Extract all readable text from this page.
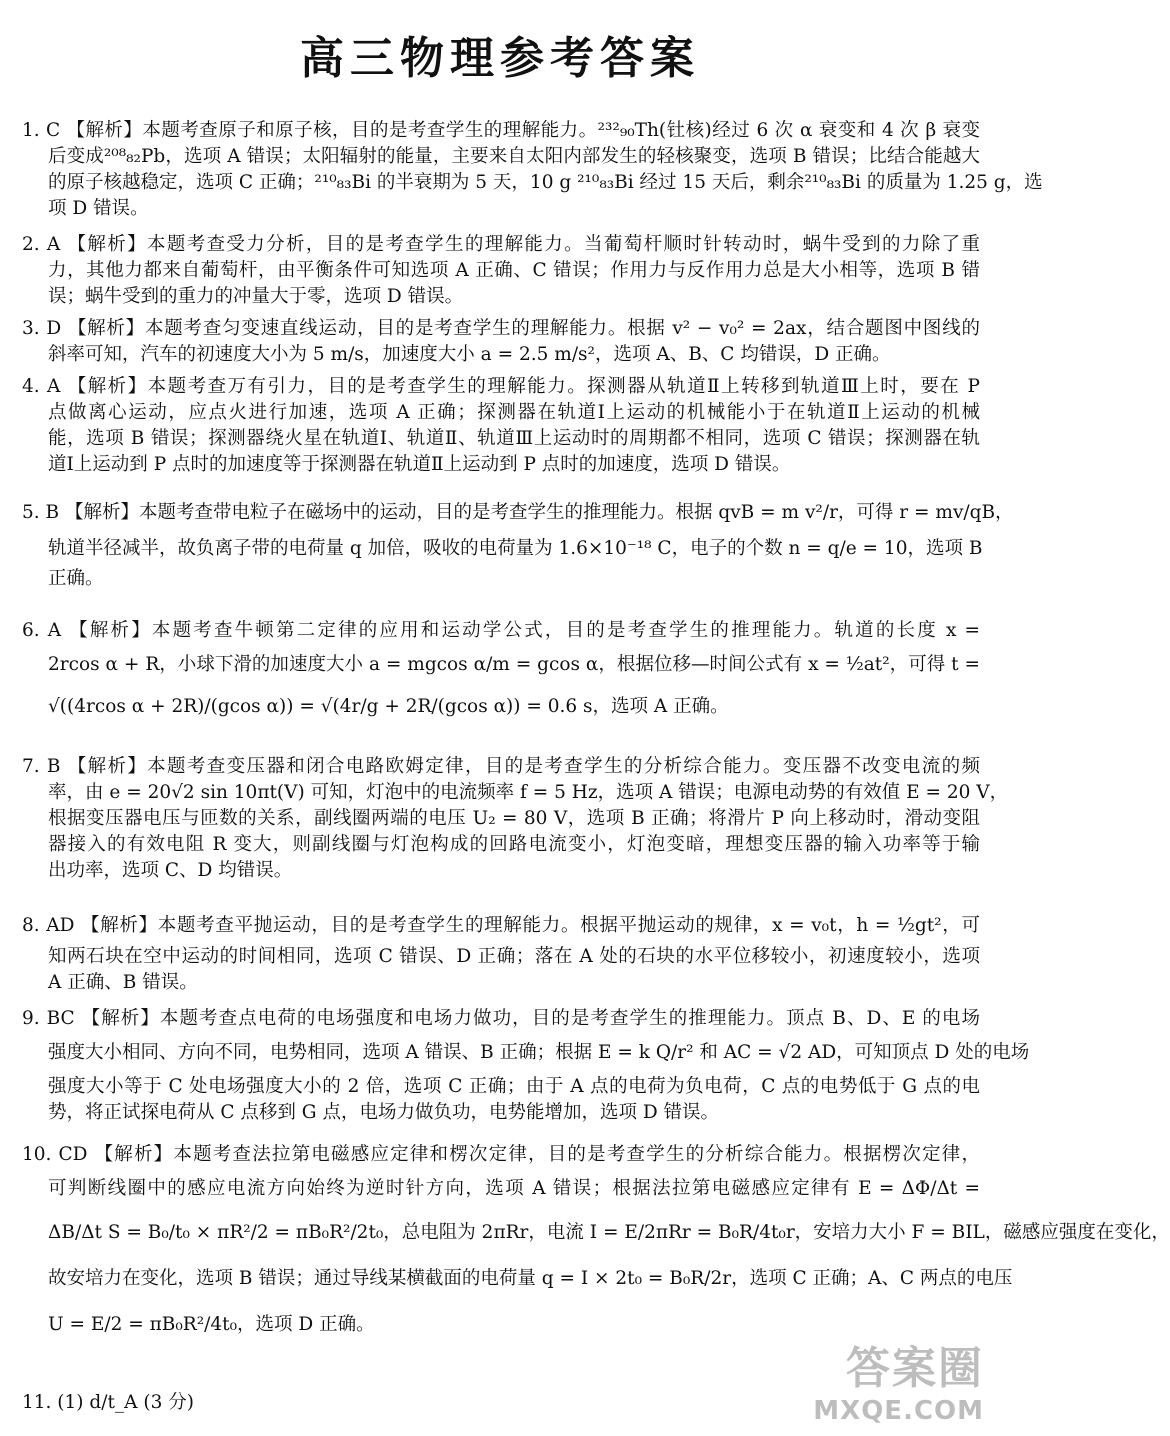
高三物理参考答案
1. C 【解析】本题考查原子和原子核，目的是考查学生的理解能力。²³²₉₀Th(钍核)经过 6 次 α 衰变和 4 次 β 衰变
后变成²⁰⁸₈₂Pb，选项 A 错误；太阳辐射的能量，主要来自太阳内部发生的轻核聚变，选项 B 错误；比结合能越大
的原子核越稳定，选项 C 正确；²¹⁰₈₃Bi 的半衰期为 5 天，10 g ²¹⁰₈₃Bi 经过 15 天后，剩余²¹⁰₈₃Bi 的质量为 1.25 g，选
项 D 错误。
2. A 【解析】本题考查受力分析，目的是考查学生的理解能力。当葡萄杆顺时针转动时，蜗牛受到的力除了重
力，其他力都来自葡萄杆，由平衡条件可知选项 A 正确、C 错误；作用力与反作用力总是大小相等，选项 B 错
误；蜗牛受到的重力的冲量大于零，选项 D 错误。
3. D 【解析】本题考查匀变速直线运动，目的是考查学生的理解能力。根据 v² − v₀² = 2ax，结合题图中图线的
斜率可知，汽车的初速度大小为 5 m/s，加速度大小 a = 2.5 m/s²，选项 A、B、C 均错误，D 正确。
4. A 【解析】本题考查万有引力，目的是考查学生的理解能力。探测器从轨道Ⅱ上转移到轨道Ⅲ上时，要在 P
点做离心运动，应点火进行加速，选项 A 正确；探测器在轨道Ⅰ上运动的机械能小于在轨道Ⅱ上运动的机械
能，选项 B 错误；探测器绕火星在轨道Ⅰ、轨道Ⅱ、轨道Ⅲ上运动时的周期都不相同，选项 C 错误；探测器在轨
道Ⅰ上运动到 P 点时的加速度等于探测器在轨道Ⅱ上运动到 P 点时的加速度，选项 D 错误。
5. B 【解析】本题考查带电粒子在磁场中的运动，目的是考查学生的推理能力。根据 qvB = m v²/r，可得 r = mv/qB，
轨道半径减半，故负离子带的电荷量 q 加倍，吸收的电荷量为 1.6×10⁻¹⁸ C，电子的个数 n = q/e = 10，选项 B
正确。
6. A 【解析】本题考查牛顿第二定律的应用和运动学公式，目的是考查学生的推理能力。轨道的长度 x =
2rcos α + R，小球下滑的加速度大小 a = mgcos α/m = gcos α，根据位移—时间公式有 x = ½at²，可得 t =
√((4rcos α + 2R)/(gcos α)) = √(4r/g + 2R/(gcos α)) = 0.6 s，选项 A 正确。
7. B 【解析】本题考查变压器和闭合电路欧姆定律，目的是考查学生的分析综合能力。变压器不改变电流的频
率，由 e = 20√2 sin 10πt(V) 可知，灯泡中的电流频率 f = 5 Hz，选项 A 错误；电源电动势的有效值 E = 20 V，
根据变压器电压与匝数的关系，副线圈两端的电压 U₂ = 80 V，选项 B 正确；将滑片 P 向上移动时，滑动变阻
器接入的有效电阻 R 变大，则副线圈与灯泡构成的回路电流变小，灯泡变暗，理想变压器的输入功率等于输
出功率，选项 C、D 均错误。
8. AD 【解析】本题考查平抛运动，目的是考查学生的理解能力。根据平抛运动的规律，x = v₀t，h = ½gt²，可
知两石块在空中运动的时间相同，选项 C 错误、D 正确；落在 A 处的石块的水平位移较小，初速度较小，选项
A 正确、B 错误。
9. BC 【解析】本题考查点电荷的电场强度和电场力做功，目的是考查学生的推理能力。顶点 B、D、E 的电场
强度大小相同、方向不同，电势相同，选项 A 错误、B 正确；根据 E = k Q/r² 和 AC = √2 AD，可知顶点 D 处的电场
强度大小等于 C 处电场强度大小的 2 倍，选项 C 正确；由于 A 点的电荷为负电荷，C 点的电势低于 G 点的电
势，将正试探电荷从 C 点移到 G 点，电场力做负功，电势能增加，选项 D 错误。
10. CD 【解析】本题考查法拉第电磁感应定律和楞次定律，目的是考查学生的分析综合能力。根据楞次定律，
可判断线圈中的感应电流方向始终为逆时针方向，选项 A 错误；根据法拉第电磁感应定律有 E = ΔΦ/Δt =
ΔB/Δt S = B₀/t₀ × πR²/2 = πB₀R²/2t₀，总电阻为 2πRr，电流 I = E/2πRr = B₀R/4t₀r，安培力大小 F = BIL，磁感应强度在变化，
故安培力在变化，选项 B 错误；通过导线某横截面的电荷量 q = I × 2t₀ = B₀R/2r，选项 C 正确；A、C 两点的电压
U = E/2 = πB₀R²/4t₀，选项 D 正确。
11. (1) d/t_A (3 分)
答案圈
MXQE.COM
